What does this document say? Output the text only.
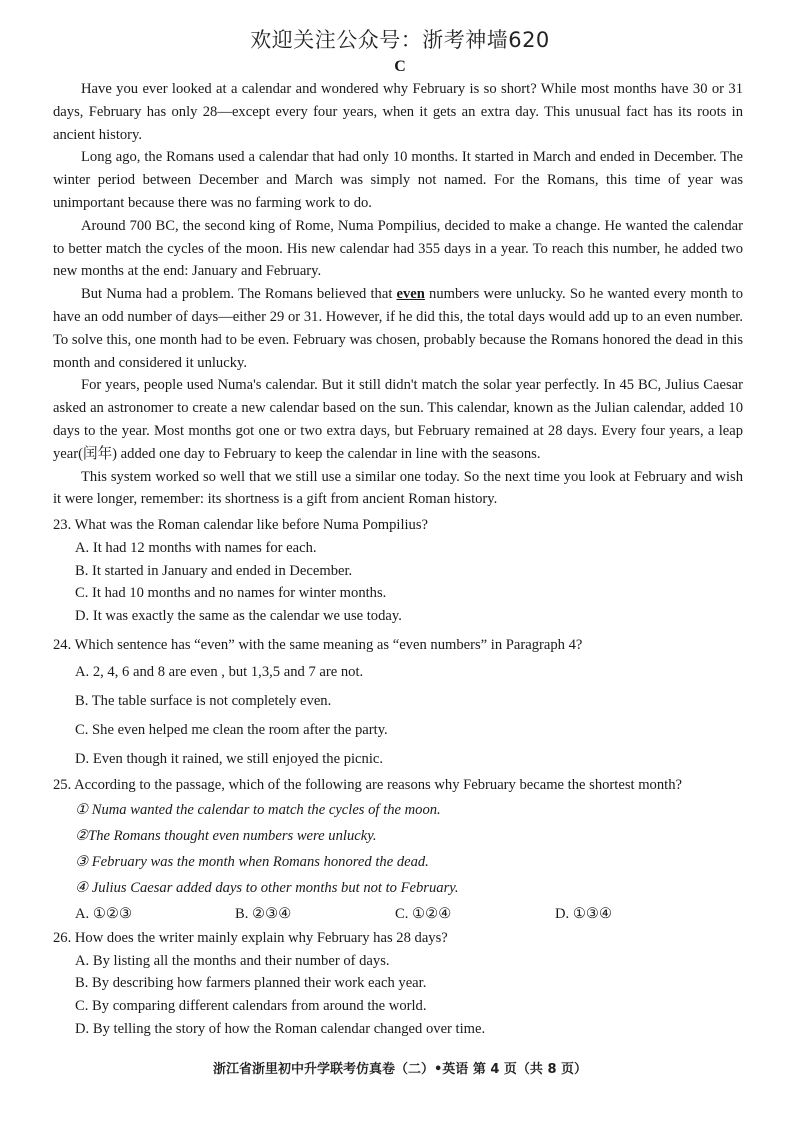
欢迎关注公众号：浙考神墙620
C

Have you ever looked at a calendar and wondered why February is so short? While most months have 30 or 31 days, February has only 28—except every four years, when it gets an extra day. This unusual fact has its roots in ancient history.

Long ago, the Romans used a calendar that had only 10 months. It started in March and ended in December. The winter period between December and March was simply not named. For the Romans, this time of year was unimportant because there was no farming work to do.

Around 700 BC, the second king of Rome, Numa Pompilius, decided to make a change. He wanted the calendar to better match the cycles of the moon. His new calendar had 355 days in a year. To reach this number, he added two new months at the end: January and February.

But Numa had a problem. The Romans believed that even numbers were unlucky. So he wanted every month to have an odd number of days—either 29 or 31. However, if he did this, the total days would add up to an even number. To solve this, one month had to be even. February was chosen, probably because the Romans honored the dead in this month and considered it unlucky.

For years, people used Numa's calendar. But it still didn't match the solar year perfectly. In 45 BC, Julius Caesar asked an astronomer to create a new calendar based on the sun. This calendar, known as the Julian calendar, added 10 days to the year. Most months got one or two extra days, but February remained at 28 days. Every four years, a leap year(闰年) added one day to February to keep the calendar in line with the seasons.

This system worked so well that we still use a similar one today. So the next time you look at February and wish it were longer, remember: its shortness is a gift from ancient Roman history.

23. What was the Roman calendar like before Numa Pompilius?

A. It had 12 months with names for each.

B. It started in January and ended in December.

C. It had 10 months and no names for winter months.

D. It was exactly the same as the calendar we use today.

24. Which sentence has “even” with the same meaning as “even numbers” in Paragraph 4?

A. 2, 4, 6 and 8 are even , but 1,3,5 and 7 are not.

B. The table surface is not completely even.

C. She even helped me clean the room after the party.

D. Even though it rained, we still enjoyed the picnic.

25. According to the passage, which of the following are reasons why February became the shortest month?

① Numa wanted the calendar to match the cycles of the moon.

②The Romans thought even numbers were unlucky.

③ February was the month when Romans honored the dead.

④ Julius Caesar added days to other months but not to February.

A. ①②③	B. ②③④	C. ①②④	D. ①③④

26. How does the writer mainly explain why February has 28 days?

A. By listing all the months and their number of days.

B. By describing how farmers planned their work each year.

C. By comparing different calendars from around the world.

D. By telling the story of how the Roman calendar changed over time.

浙江省浙里初中升学联考仿真卷（二）•英语 第 4 页（共 8 页）
